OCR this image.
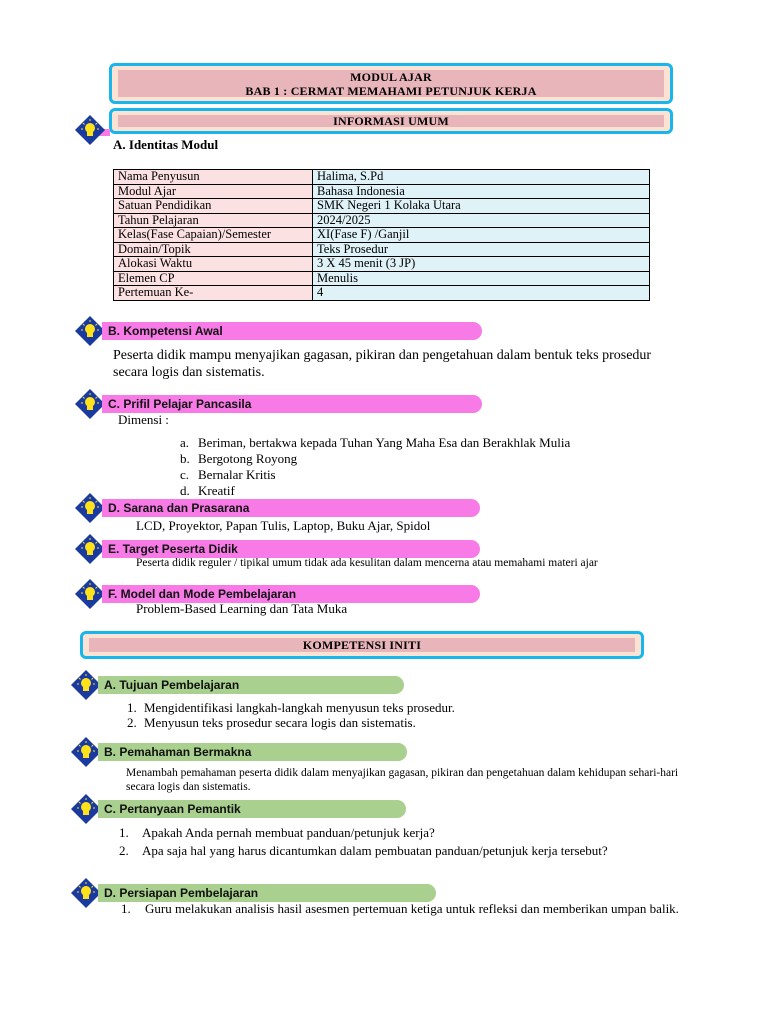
MODUL AJAR
BAB 1 : CERMAT MEMAHAMI PETUNJUK KERJA
INFORMASI UMUM
A. Identitas Modul
Nama Penyusun	Halima, S.Pd
Modul Ajar	Bahasa Indonesia
Satuan Pendidikan	SMK Negeri 1 Kolaka Utara
Tahun Pelajaran	2024/2025
Kelas(Fase Capaian)/Semester	XI(Fase F) /Ganjil
Domain/Topik	Teks Prosedur
Alokasi Waktu	3 X 45 menit (3 JP)
Elemen CP	Menulis
Pertemuan Ke-	4
B. Kompetensi Awal
Peserta didik mampu menyajikan gagasan, pikiran dan pengetahuan dalam bentuk teks prosedur secara logis dan sistematis.
C. Prifil Pelajar Pancasila
Dimensi :
a. Beriman, bertakwa kepada Tuhan Yang Maha Esa dan Berakhlak Mulia
b. Bergotong Royong
c. Bernalar Kritis
d. Kreatif
D. Sarana dan Prasarana
LCD, Proyektor, Papan Tulis, Laptop, Buku Ajar, Spidol
E. Target Peserta Didik
Peserta didik reguler / tipikal umum tidak ada kesulitan dalam mencerna atau memahami materi ajar
F. Model dan Mode Pembelajaran
Problem-Based Learning dan Tata Muka
KOMPETENSI INITI
A. Tujuan Pembelajaran
1. Mengidentifikasi langkah-langkah menyusun teks prosedur.
2. Menyusun teks prosedur secara logis dan sistematis.
B. Pemahaman Bermakna
Menambah pemahaman peserta didik dalam menyajikan gagasan, pikiran dan pengetahuan dalam kehidupan sehari-hari secara logis dan sistematis.
C. Pertanyaan Pemantik
1.	Apakah Anda pernah membuat panduan/petunjuk kerja?
2.	Apa saja hal yang harus dicantumkan dalam pembuatan panduan/petunjuk kerja tersebut?
D. Persiapan Pembelajaran
1.	Guru melakukan analisis hasil asesmen pertemuan ketiga untuk refleksi dan memberikan umpan balik.
